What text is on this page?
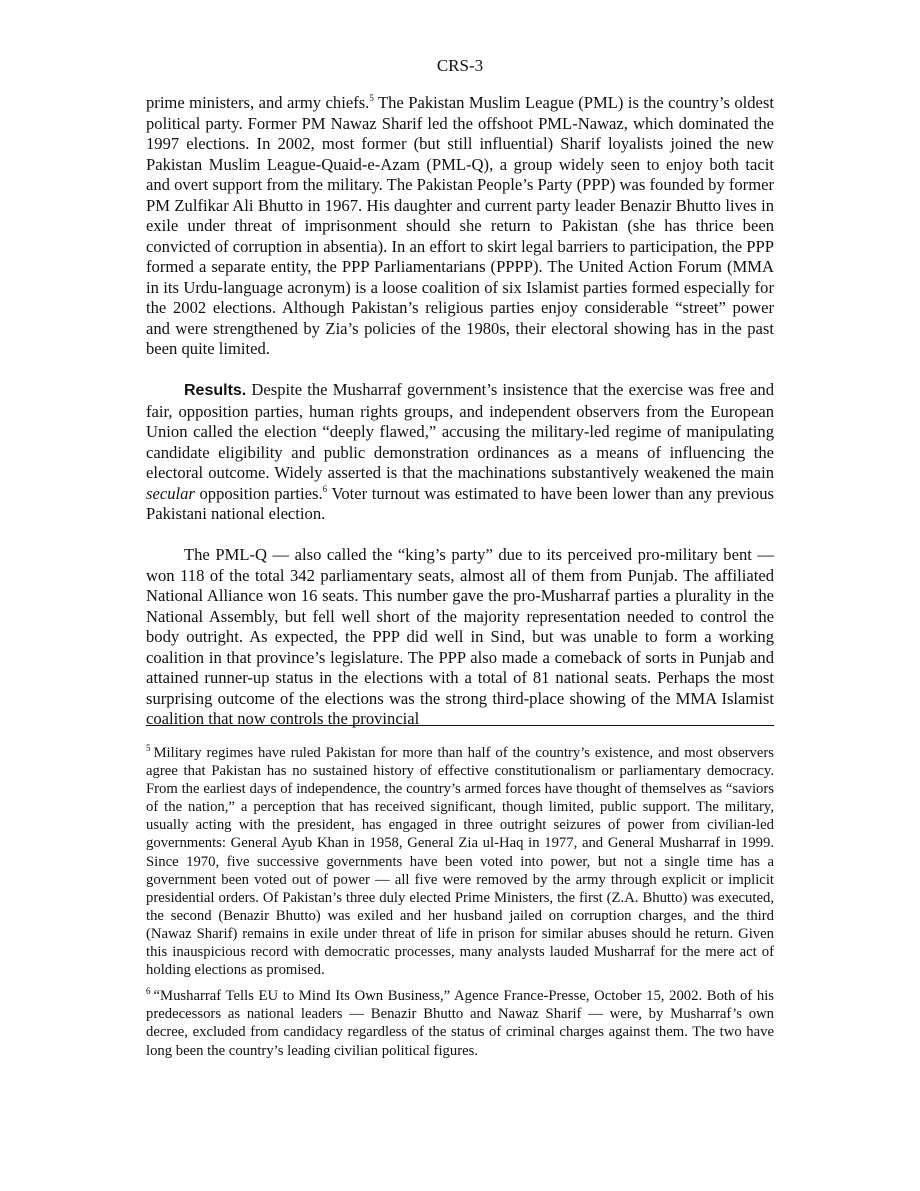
CRS-3

prime ministers, and army chiefs.$^5$ The Pakistan Muslim League (PML) is the country’s oldest political party. Former PM Nawaz Sharif led the offshoot PML-Nawaz, which dominated the 1997 elections. In 2002, most former (but still influential) Sharif loyalists joined the new Pakistan Muslim League-Quaid-e-Azam (PML-Q), a group widely seen to enjoy both tacit and overt support from the military. The Pakistan People’s Party (PPP) was founded by former PM Zulfikar Ali Bhutto in 1967. His daughter and current party leader Benazir Bhutto lives in exile under threat of imprisonment should she return to Pakistan (she has thrice been convicted of corruption in absentia). In an effort to skirt legal barriers to participation, the PPP formed a separate entity, the PPP Parliamentarians (PPPP). The United Action Forum (MMA in its Urdu-language acronym) is a loose coalition of six Islamist parties formed especially for the 2002 elections. Although Pakistan’s religious parties enjoy considerable “street” power and were strengthened by Zia’s policies of the 1980s, their electoral showing has in the past been quite limited.

Results. Despite the Musharraf government’s insistence that the exercise was free and fair, opposition parties, human rights groups, and independent observers from the European Union called the election “deeply flawed,” accusing the military-led regime of manipulating candidate eligibility and public demonstration ordinances as a means of influencing the electoral outcome. Widely asserted is that the machinations substantively weakened the main secular opposition parties.$^6$ Voter turnout was estimated to have been lower than any previous Pakistani national election.

The PML-Q — also called the “king’s party” due to its perceived pro-military bent — won 118 of the total 342 parliamentary seats, almost all of them from Punjab. The affiliated National Alliance won 16 seats. This number gave the pro-Musharraf parties a plurality in the National Assembly, but fell well short of the majority representation needed to control the body outright. As expected, the PPP did well in Sind, but was unable to form a working coalition in that province’s legislature. The PPP also made a comeback of sorts in Punjab and attained runner-up status in the elections with a total of 81 national seats. Perhaps the most surprising outcome of the elections was the strong third-place showing of the MMA Islamist coalition that now controls the provincial

$^5$ Military regimes have ruled Pakistan for more than half of the country’s existence, and most observers agree that Pakistan has no sustained history of effective constitutionalism or parliamentary democracy. From the earliest days of independence, the country’s armed forces have thought of themselves as “saviors of the nation,” a perception that has received significant, though limited, public support. The military, usually acting with the president, has engaged in three outright seizures of power from civilian-led governments: General Ayub Khan in 1958, General Zia ul-Haq in 1977, and General Musharraf in 1999. Since 1970, five successive governments have been voted into power, but not a single time has a government been voted out of power — all five were removed by the army through explicit or implicit presidential orders. Of Pakistan’s three duly elected Prime Ministers, the first (Z.A. Bhutto) was executed, the second (Benazir Bhutto) was exiled and her husband jailed on corruption charges, and the third (Nawaz Sharif) remains in exile under threat of life in prison for similar abuses should he return. Given this inauspicious record with democratic processes, many analysts lauded Musharraf for the mere act of holding elections as promised.

$^6$ “Musharraf Tells EU to Mind Its Own Business,” Agence France-Presse, October 15, 2002. Both of his predecessors as national leaders — Benazir Bhutto and Nawaz Sharif — were, by Musharraf’s own decree, excluded from candidacy regardless of the status of criminal charges against them. The two have long been the country’s leading civilian political figures.
